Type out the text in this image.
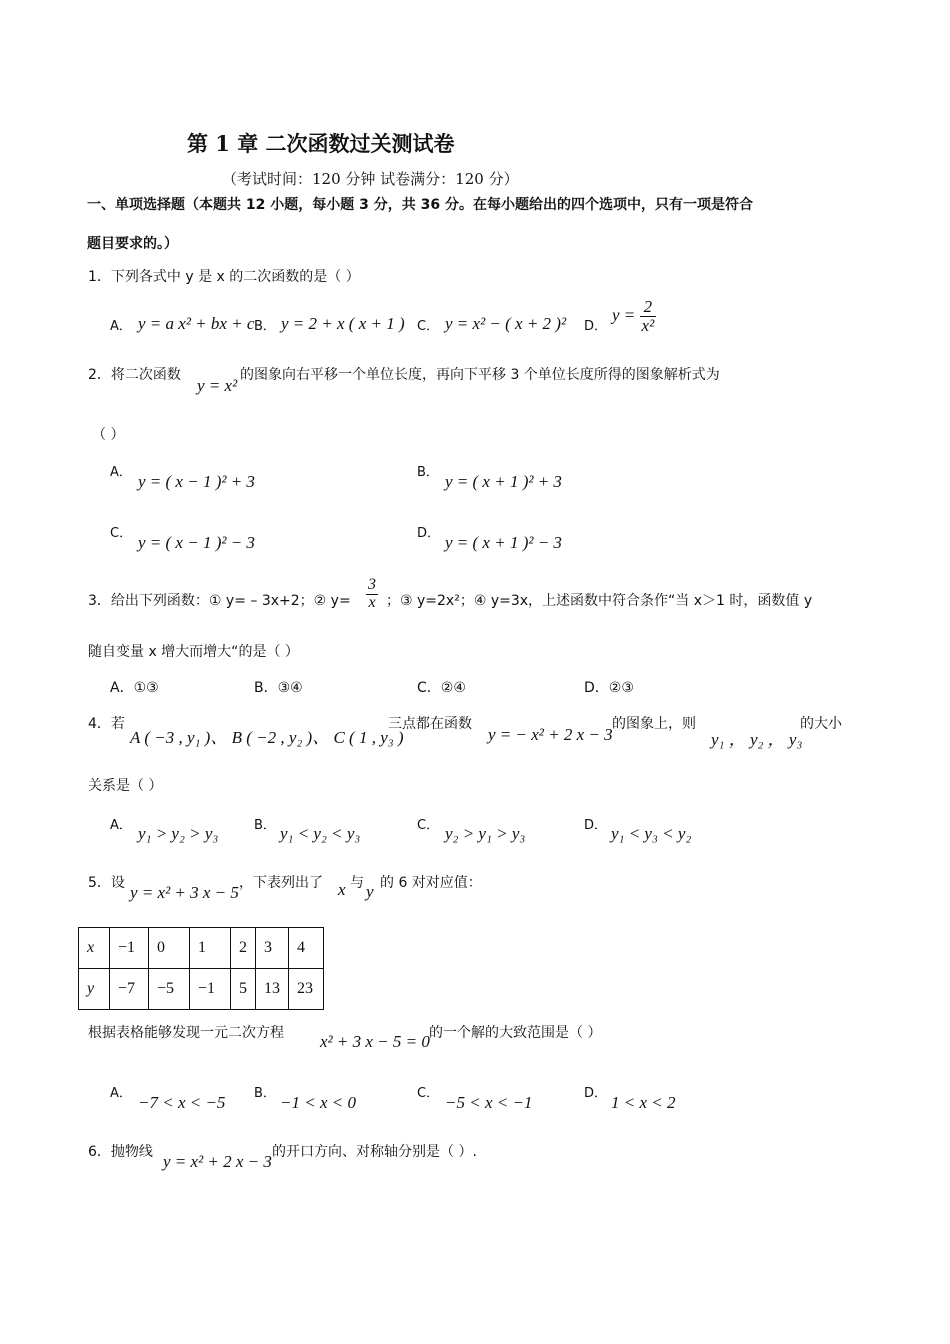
第 1 章 二次函数过关测试卷
（考试时间：120 分钟 试卷满分：120 分）
一、单项选择题（本题共 12 小题，每小题 3 分，共 36 分。在每小题给出的四个选项中，只有一项是符合
题目要求的。）
1．下列各式中 y 是 x 的二次函数的是（ ）
A． y = a x² + bx + c B． y = 2 + x ( x + 1 ) C． y = x² − ( x + 2 )² D．
$y = \frac{2}{\text{x²}}$
2．将二次函数
y = x²
的图象向右平移一个单位长度，再向下平移 3 个单位长度所得的图象解析式为
（ ）
A． y = ( x − 1 )² + 3	B． y = ( x + 1 )² + 3
C． y = ( x − 1 )² − 3	D． y = ( x + 1 )² − 3
3．给出下列函数：① y= – 3x+2；② $y= \frac{3}{x}$ ；③ y=2x²；④ y=3x，上述函数中符合条作“当 x＞1 时，函数值 y
随自变量 x 增大而增大“的是（ ）
A．①③	B．③④	C．②④	D．②③
4．若
A ( −3 , y₁ )、 B ( −2 , y₂ )、 C ( 1 , y₃ )
三点都在函数
y = − x² + 2 x − 3
的图象上，则
y₁ ， y₂ ， y₃
的大小
关系是（ ）
A． y₁ > y₂ > y₃	B． y₁ < y₂ < y₃	C． y₂ > y₁ > y₃	D． y₁ < y₃ < y₂
5．设 y = x² + 3 x − 5 ，下表列出了 x 与 y 的 6 对对应值：
x	−1	0	1	2	3	4
y	−7	−5	−1	5	13	23
根据表格能够发现一元二次方程 x² + 3 x − 5 = 0 的一个解的大致范围是（ ）
A． −7 < x < −5 B． −1 < x < 0	C． −5 < x < −1	D． 1 < x < 2
6．抛物线 y = x² + 2 x − 3 的开口方向、对称轴分别是（ ）.
